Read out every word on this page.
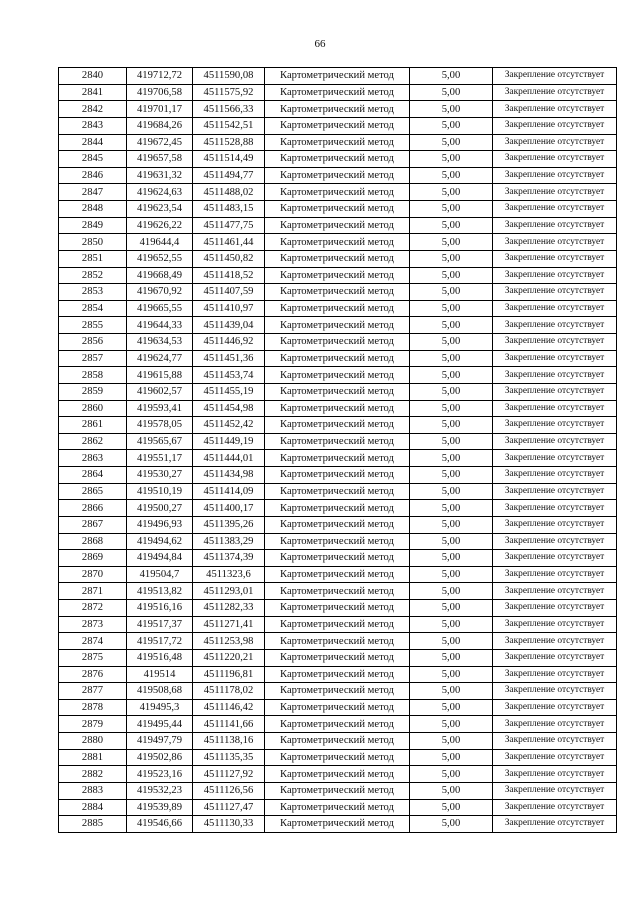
66
2840	419712,72	4511590,08	Картометрический метод	5,00	Закрепление отсутствует
2841	419706,58	4511575,92	Картометрический метод	5,00	Закрепление отсутствует
2842	419701,17	4511566,33	Картометрический метод	5,00	Закрепление отсутствует
2843	419684,26	4511542,51	Картометрический метод	5,00	Закрепление отсутствует
2844	419672,45	4511528,88	Картометрический метод	5,00	Закрепление отсутствует
2845	419657,58	4511514,49	Картометрический метод	5,00	Закрепление отсутствует
2846	419631,32	4511494,77	Картометрический метод	5,00	Закрепление отсутствует
2847	419624,63	4511488,02	Картометрический метод	5,00	Закрепление отсутствует
2848	419623,54	4511483,15	Картометрический метод	5,00	Закрепление отсутствует
2849	419626,22	4511477,75	Картометрический метод	5,00	Закрепление отсутствует
2850	419644,4	4511461,44	Картометрический метод	5,00	Закрепление отсутствует
2851	419652,55	4511450,82	Картометрический метод	5,00	Закрепление отсутствует
2852	419668,49	4511418,52	Картометрический метод	5,00	Закрепление отсутствует
2853	419670,92	4511407,59	Картометрический метод	5,00	Закрепление отсутствует
2854	419665,55	4511410,97	Картометрический метод	5,00	Закрепление отсутствует
2855	419644,33	4511439,04	Картометрический метод	5,00	Закрепление отсутствует
2856	419634,53	4511446,92	Картометрический метод	5,00	Закрепление отсутствует
2857	419624,77	4511451,36	Картометрический метод	5,00	Закрепление отсутствует
2858	419615,88	4511453,74	Картометрический метод	5,00	Закрепление отсутствует
2859	419602,57	4511455,19	Картометрический метод	5,00	Закрепление отсутствует
2860	419593,41	4511454,98	Картометрический метод	5,00	Закрепление отсутствует
2861	419578,05	4511452,42	Картометрический метод	5,00	Закрепление отсутствует
2862	419565,67	4511449,19	Картометрический метод	5,00	Закрепление отсутствует
2863	419551,17	4511444,01	Картометрический метод	5,00	Закрепление отсутствует
2864	419530,27	4511434,98	Картометрический метод	5,00	Закрепление отсутствует
2865	419510,19	4511414,09	Картометрический метод	5,00	Закрепление отсутствует
2866	419500,27	4511400,17	Картометрический метод	5,00	Закрепление отсутствует
2867	419496,93	4511395,26	Картометрический метод	5,00	Закрепление отсутствует
2868	419494,62	4511383,29	Картометрический метод	5,00	Закрепление отсутствует
2869	419494,84	4511374,39	Картометрический метод	5,00	Закрепление отсутствует
2870	419504,7	4511323,6	Картометрический метод	5,00	Закрепление отсутствует
2871	419513,82	4511293,01	Картометрический метод	5,00	Закрепление отсутствует
2872	419516,16	4511282,33	Картометрический метод	5,00	Закрепление отсутствует
2873	419517,37	4511271,41	Картометрический метод	5,00	Закрепление отсутствует
2874	419517,72	4511253,98	Картометрический метод	5,00	Закрепление отсутствует
2875	419516,48	4511220,21	Картометрический метод	5,00	Закрепление отсутствует
2876	419514	4511196,81	Картометрический метод	5,00	Закрепление отсутствует
2877	419508,68	4511178,02	Картометрический метод	5,00	Закрепление отсутствует
2878	419495,3	4511146,42	Картометрический метод	5,00	Закрепление отсутствует
2879	419495,44	4511141,66	Картометрический метод	5,00	Закрепление отсутствует
2880	419497,79	4511138,16	Картометрический метод	5,00	Закрепление отсутствует
2881	419502,86	4511135,35	Картометрический метод	5,00	Закрепление отсутствует
2882	419523,16	4511127,92	Картометрический метод	5,00	Закрепление отсутствует
2883	419532,23	4511126,56	Картометрический метод	5,00	Закрепление отсутствует
2884	419539,89	4511127,47	Картометрический метод	5,00	Закрепление отсутствует
2885	419546,66	4511130,33	Картометрический метод	5,00	Закрепление отсутствует
